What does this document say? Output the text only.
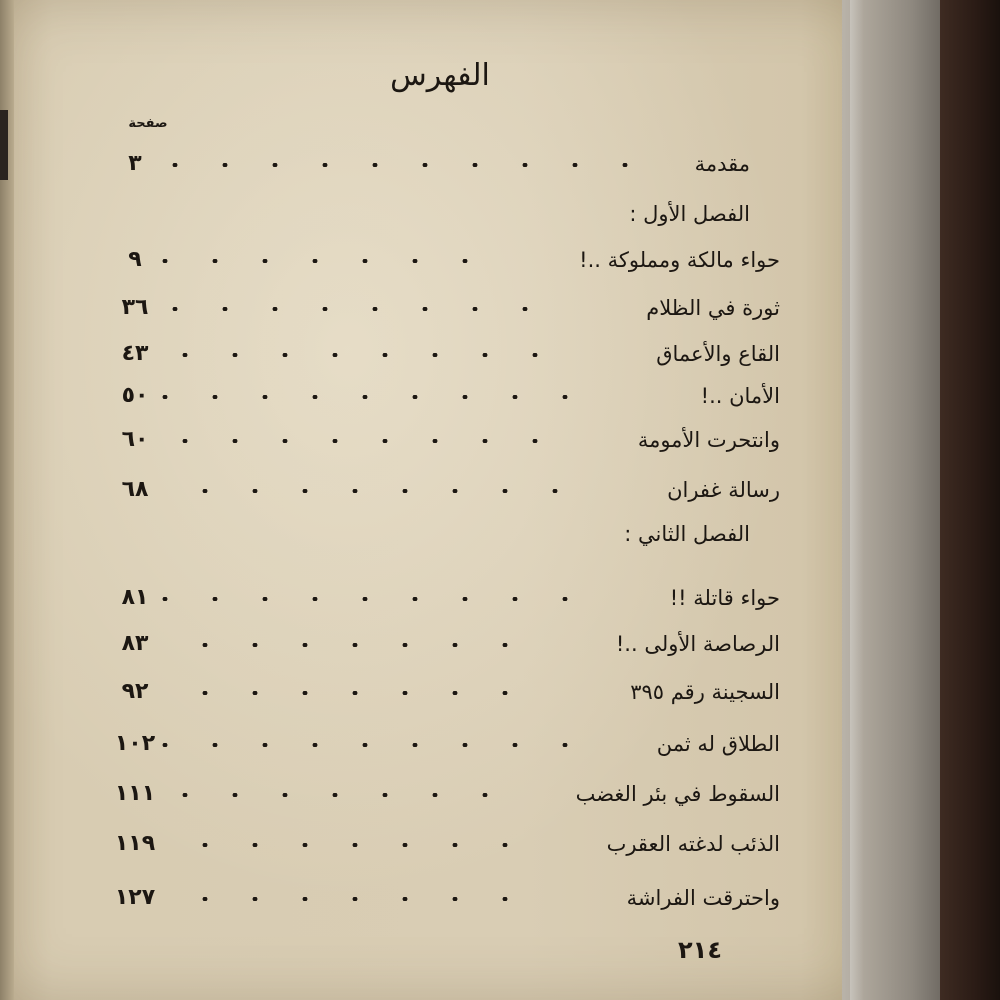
الفهرس
صفحة
مقدمة
٣
الفصل الأول :
حواء مالكة ومملوكة ..!
٩
ثورة في الظلام
٣٦
القاع والأعماق
٤٣
الأمان ..!
٥٠
وانتحرت الأمومة
٦٠
رسالة غفران
٦٨
الفصل الثاني :
حواء قاتلة !!
٨١
الرصاصة الأولى ..!
٨٣
السجينة رقم ٣٩٥
٩٢
الطلاق له ثمن
١٠٢
السقوط في بئر الغضب
١١١
الذئب لدغته العقرب
١١٩
واحترقت الفراشة
١٢٧
٢١٤
